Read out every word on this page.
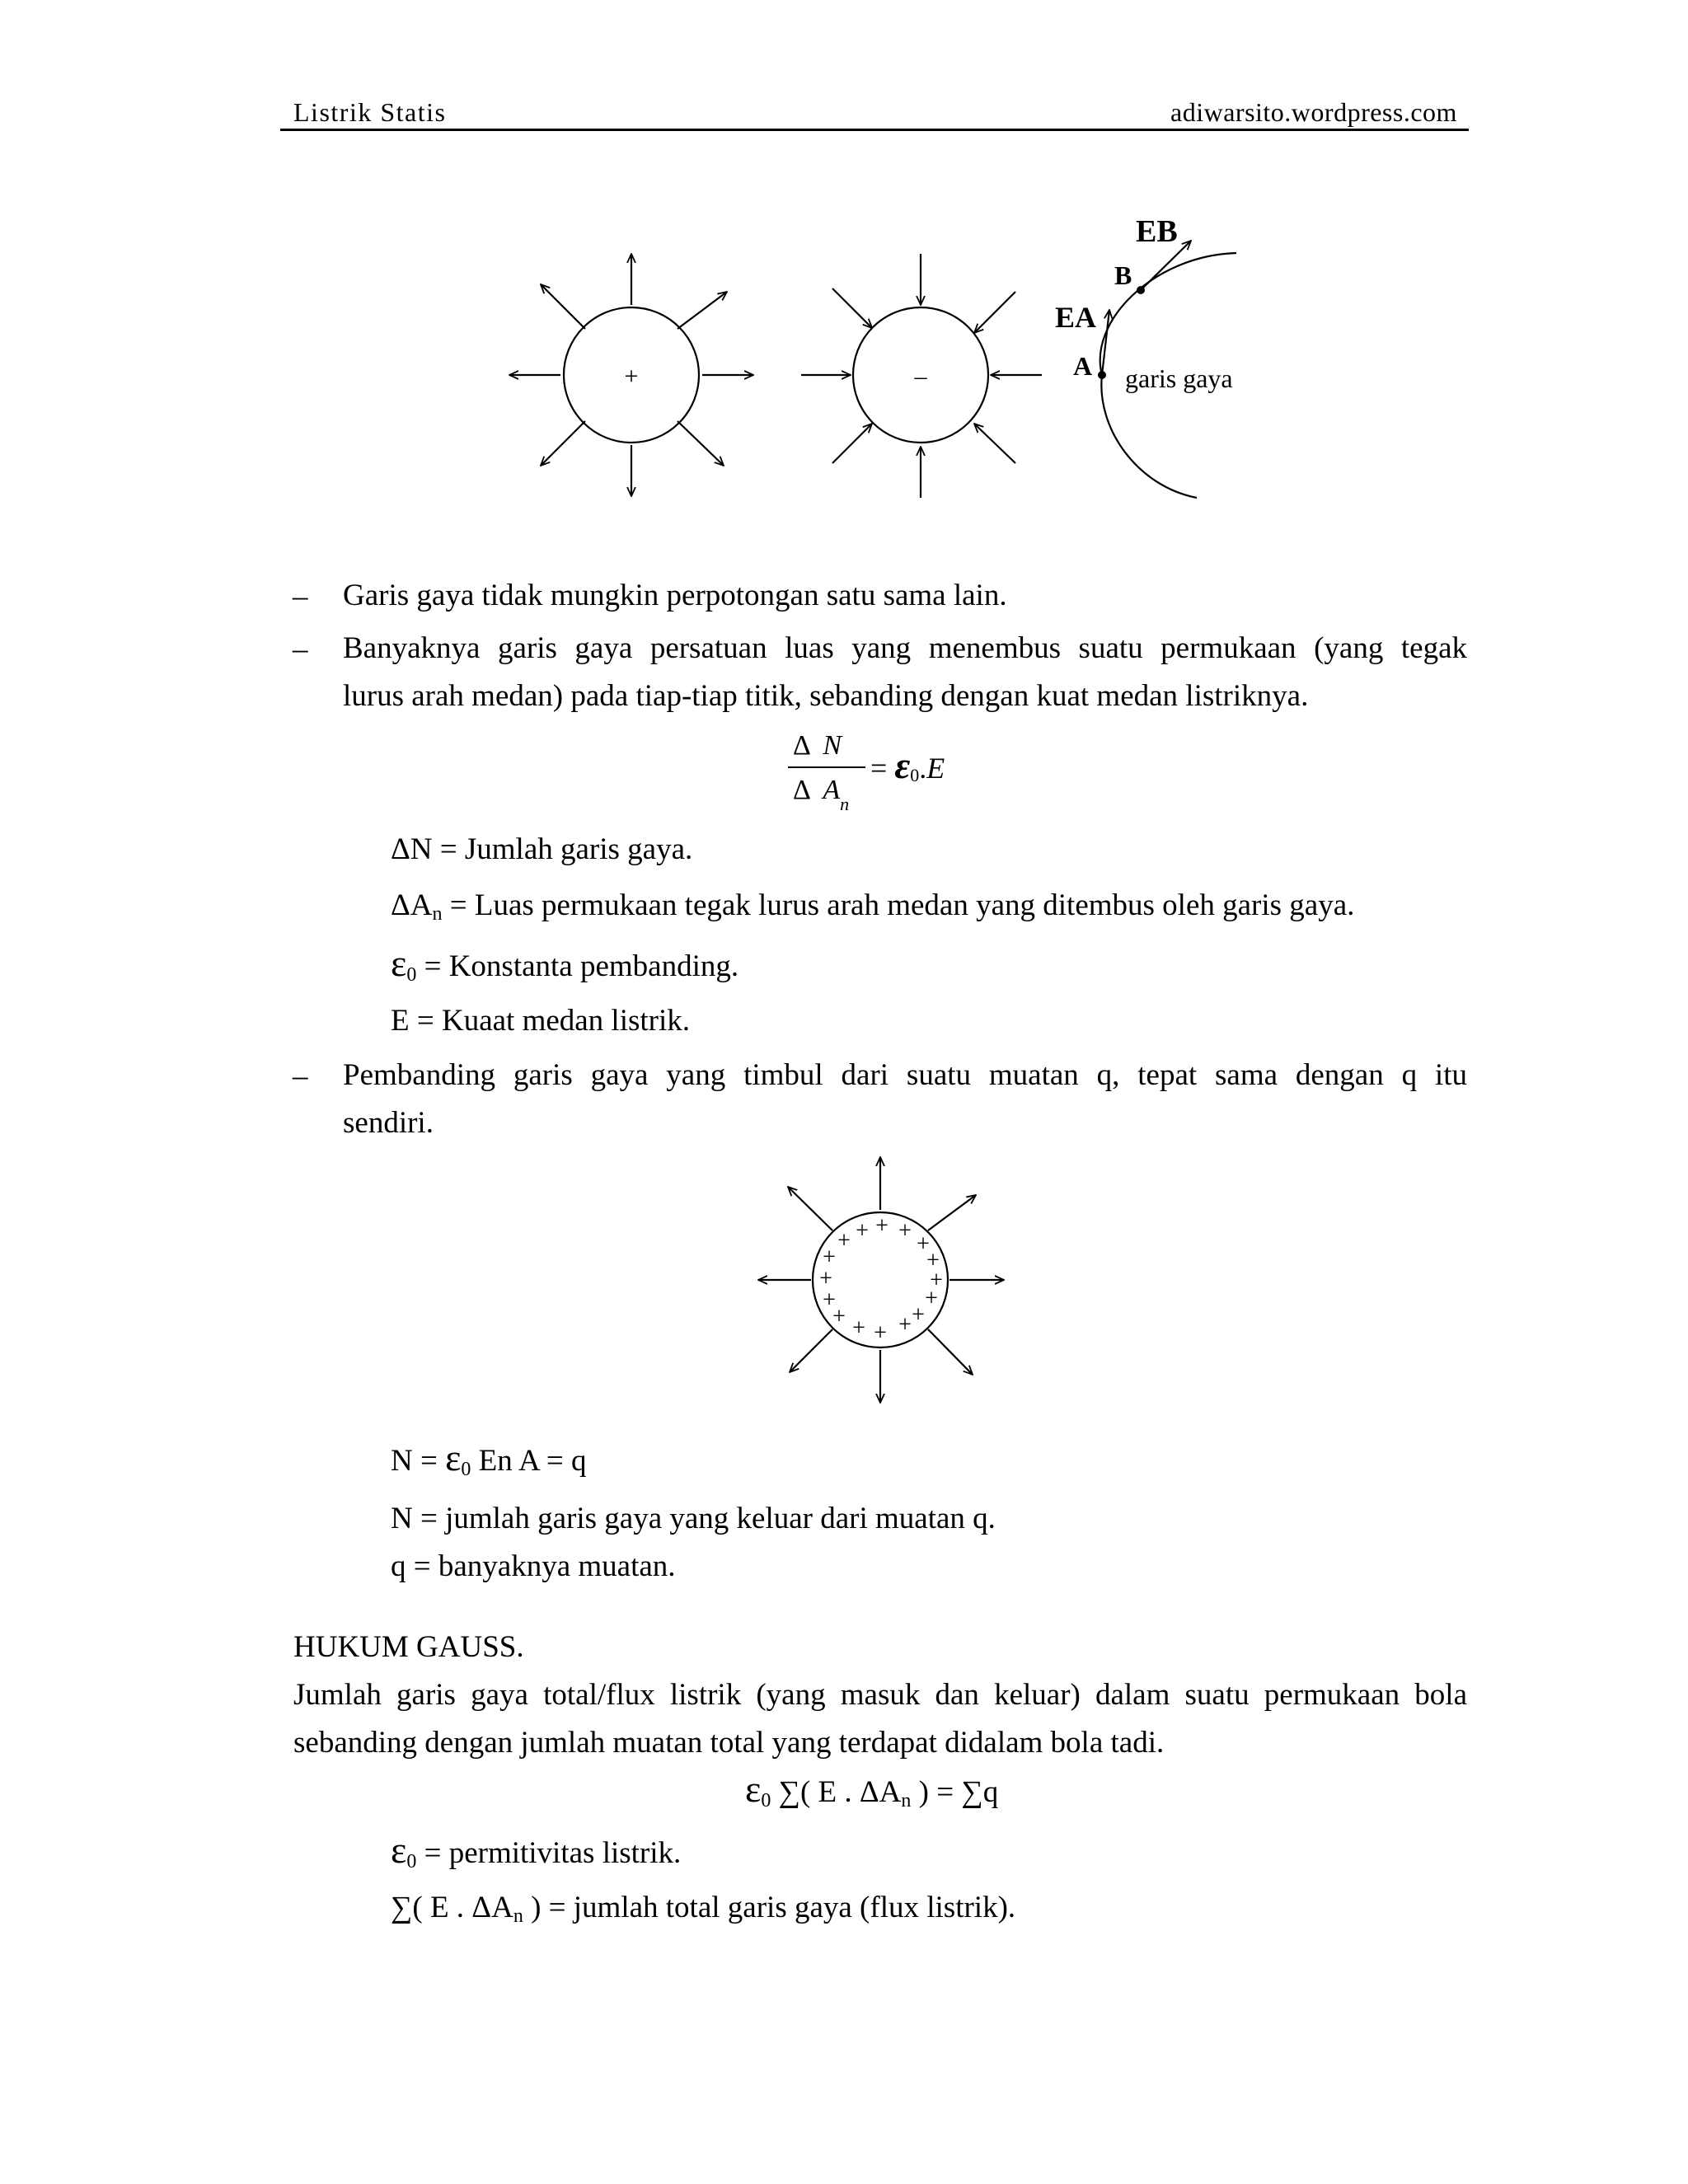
Listrik Statis	adiwarsito.wordpress.com
+	–
EB
B
EA
A garis gaya
– Garis gaya tidak mungkin perpotongan satu sama lain.
– Banyaknya garis gaya persatuan luas yang menembus suatu permukaan (yang tegak
lurus arah medan) pada tiap-tiap titik, sebanding dengan kuat medan listriknya.
Δ N
Δ $A_n$
= ε0.E
ΔN = Jumlah garis gaya.
$\Delta A_n$ = Luas permukaan tegak lurus arah medan yang ditembus oleh garis gaya.
$\varepsilon_0$ = Konstanta pembanding.
E = Kuaat medan listrik.
– Pembanding garis gaya yang timbul dari suatu muatan q, tepat sama dengan q itu
sendiri.
+
+
+
+
+
+
+ + + + +
+
+
+
+
+
$N = \varepsilon_0$ En A = q
N = jumlah garis gaya yang keluar dari muatan q.
q = banyaknya muatan.
HUKUM GAUSS.
Jumlah garis gaya total/flux listrik (yang masuk dan keluar) dalam suatu permukaan bola
sebanding dengan jumlah muatan total yang terdapat didalam bola tadi.
$\varepsilon_0$ ∑( E . $\Delta A_n$ ) = ∑q
$\varepsilon_0$ = permitivitas listrik.
∑( E . $\Delta A_n$ ) = jumlah total garis gaya (flux listrik).
